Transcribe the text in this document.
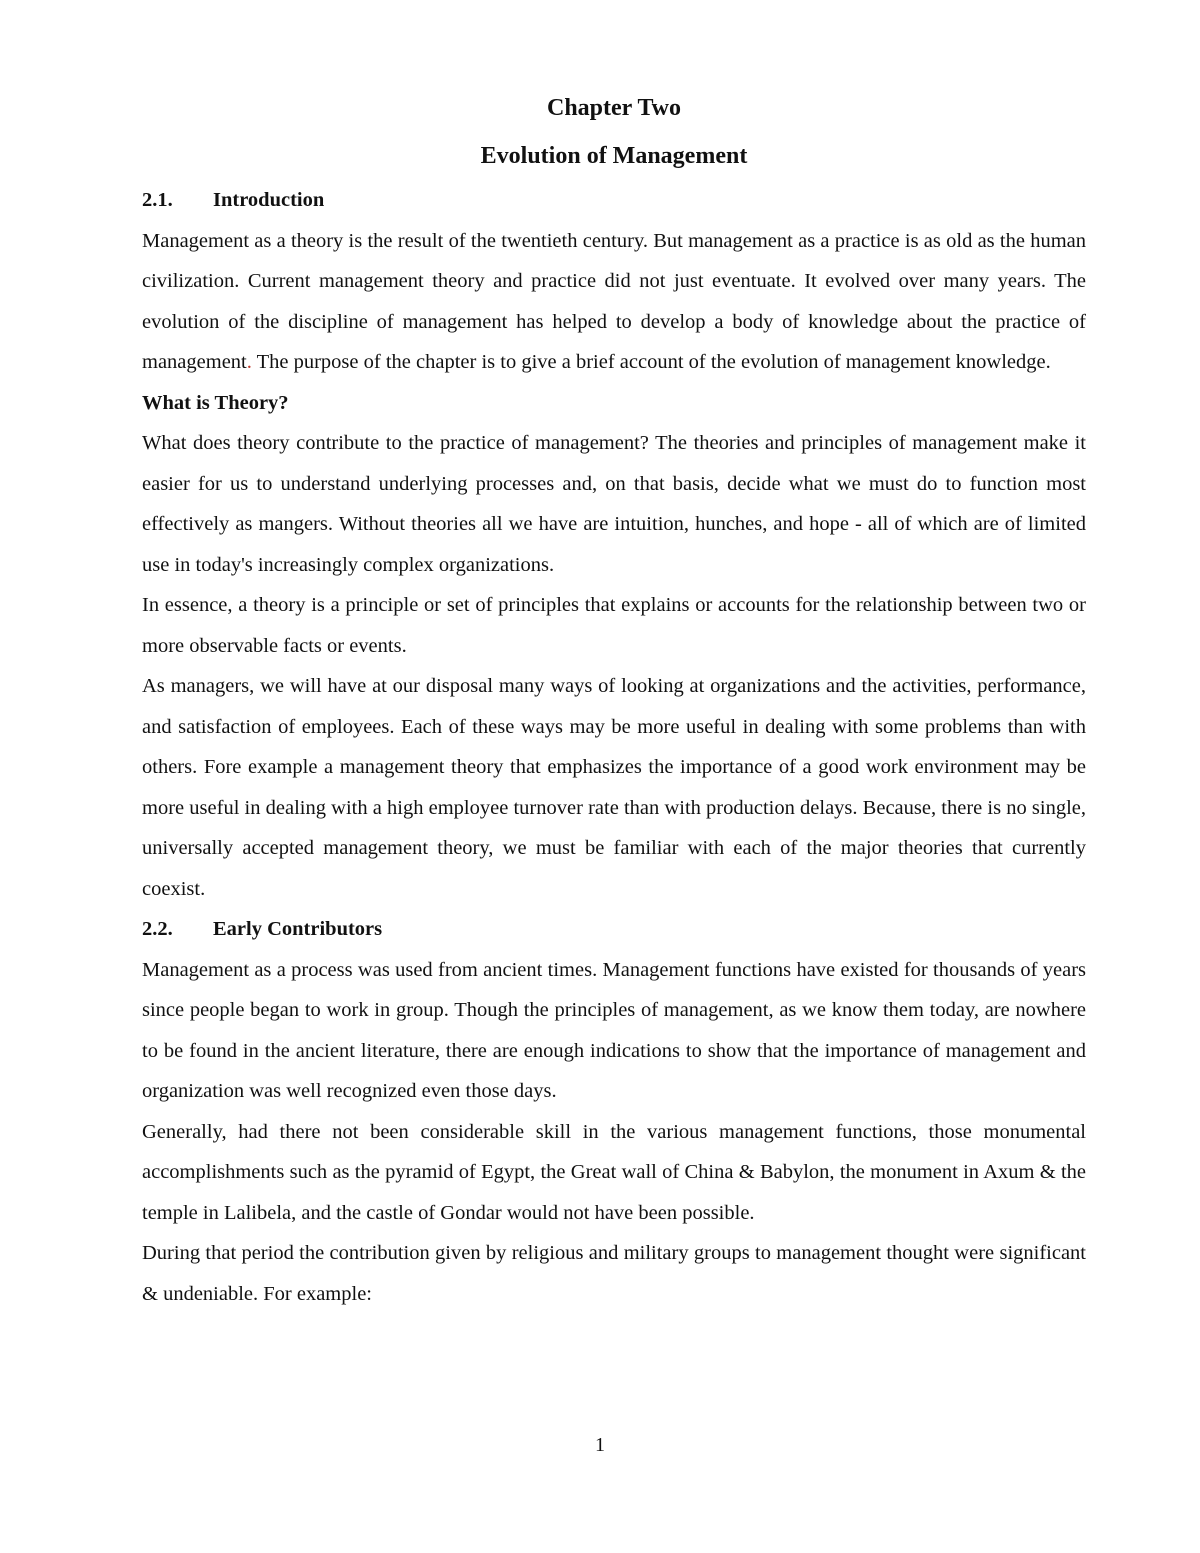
Chapter Two
Evolution of Management
2.1. Introduction

Management as a theory is the result of the twentieth century. But management as a practice is as old as the human civilization. Current management theory and practice did not just eventuate. It evolved over many years. The evolution of the discipline of management has helped to develop a body of knowledge about the practice of management. The purpose of the chapter is to give a brief account of the evolution of management knowledge.

What is Theory?

What does theory contribute to the practice of management? The theories and principles of management make it easier for us to understand underlying processes and, on that basis, decide what we must do to function most effectively as mangers. Without theories all we have are intuition, hunches, and hope - all of which are of limited use in today's increasingly complex organizations.

In essence, a theory is a principle or set of principles that explains or accounts for the relationship between two or more observable facts or events.

As managers, we will have at our disposal many ways of looking at organizations and the activities, performance, and satisfaction of employees. Each of these ways may be more useful in dealing with some problems than with others. Fore example a management theory that emphasizes the importance of a good work environment may be more useful in dealing with a high employee turnover rate than with production delays. Because, there is no single, universally accepted management theory, we must be familiar with each of the major theories that currently coexist.

2.2. Early Contributors

Management as a process was used from ancient times. Management functions have existed for thousands of years since people began to work in group. Though the principles of management, as we know them today, are nowhere to be found in the ancient literature, there are enough indications to show that the importance of management and organization was well recognized even those days.

Generally, had there not been considerable skill in the various management functions, those monumental accomplishments such as the pyramid of Egypt, the Great wall of China & Babylon, the monument in Axum & the temple in Lalibela, and the castle of Gondar would not have been possible.

During that period the contribution given by religious and military groups to management thought were significant & undeniable. For example:

1
